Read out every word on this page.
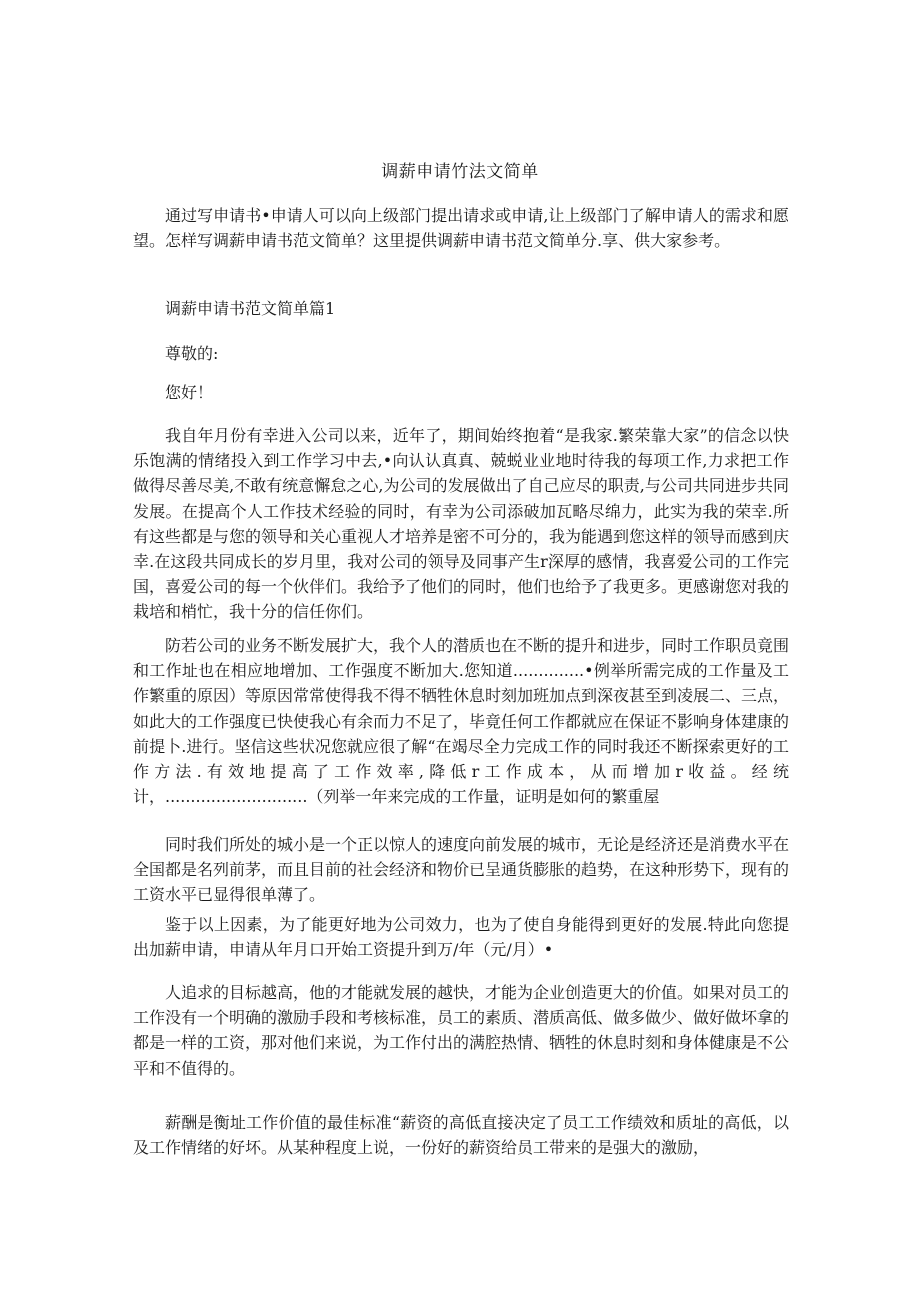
调薪申请竹法文简单

通过写申请书•申请人可以向上级部门提出请求或申请,让上级部门了解申请人的需求和愿望。怎样写调薪申请书范文简单？这里提供调薪申请书范文简单分.享、供大家参考。

调薪申请书范文简单篇1

尊敬的:

您好！

我自年月份有幸进入公司以来，近年了，期间始终抱着“是我家.繁荣靠大家”的信念以快乐饱满的情绪投入到工作学习中去,•向认认真真、兢蜕业业地时待我的每项工作,力求把工作做得尽善尽美,不敢有统意懈怠之心,为公司的发展做出了自己应尽的职责,与公司共同进步共同发展。在提高个人工作技术经验的同时，有幸为公司添破加瓦略尽绵力，此实为我的荣幸.所有这些都是与您的领导和关心重视人才培养是密不可分的，我为能遇到您这样的领导而感到庆幸.在这段共同成长的岁月里，我对公司的领导及同事产生r深厚的感情，我喜爱公司的工作完国，喜爱公司的每一个伙伴们。我给予了他们的同时，他们也给予了我更多。更感谢您对我的栽培和梢忙，我十分的信任你们。

防若公司的业务不断发展扩大，我个人的潜质也在不断的提升和进步，同时工作职员竟围和工作址也在相应地增加、工作强度不断加大.您知道..............•例举所需完成的工作量及工作繁重的原因）等原因常常使得我不得不牺牲休息时刻加班加点到深夜甚至到凌展二、三点，如此大的工作强度已快使我心有余而力不足了，毕竟任何工作都就应在保证不影响身体建康的前提卜.进行。坚信这些状况您就应很了解“在竭尽全力完成工作的同时我还不断探索更好的工作方法.有效地提高了工作效率,降低r工作成本，从而增加r收益。经统计，............................（列举一年来完成的工作量，证明是如何的繁重屋

同时我们所处的城小是一个正以惊人的速度向前发展的城市，无论是经济还是消费水平在全国都是名列前茅，而且目前的社会经济和物价已呈通货膨胀的趋势，在这种形势下，现有的工资水平已显得很单薄了。

鉴于以上因素，为了能更好地为公司效力，也为了使自身能得到更好的发展.特此向您提出加薪申请，申请从年月口开始工资提升到万/年（元/月）•

人追求的目标越高，他的才能就发展的越快，才能为企业创造更大的价值。如果对员工的工作没有一个明确的激励手段和考核标准，员工的素质、潜质高低、做多做少、做好做坏拿的都是一样的工资，那对他们来说，为工作付出的满腔热情、牺牲的休息时刻和身体健康是不公平和不值得的。

薪酬是衡址工作价值的最佳标准“薪资的高低直接决定了员工工作绩效和质址的高低，以及工作情绪的好坏。从某种程度上说，一份好的薪资给员工带来的是强大的激励，
